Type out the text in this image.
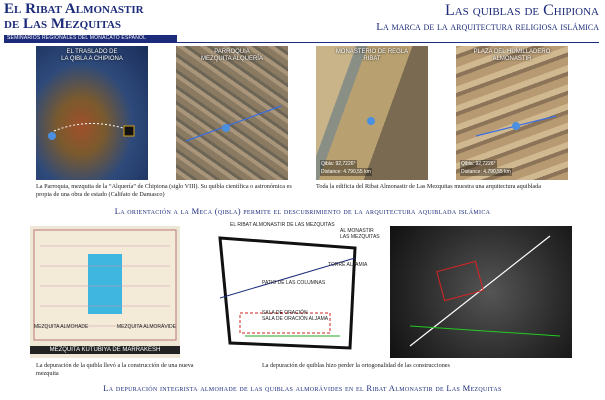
El Ribat Almonastir
de Las Mezquitas
SEMINARIOS REGIONALES DEL MONACATO ESPAÑOL
Las quiblas de Chipiona
La marca de la arquitectura religiosa islámica
EL TRASLADO DE
LA QIBLA A CHIPIONA
PARROQUIA
MEZQUITA ALQUERÍA
MONASTERIO DE REGLA
RIBAT
Qibla: 92,7226°
Distance: 4.790,55 km
PLAZA DEL HUMILLADERO
ALMONASTIR
Qibla: 92,7226°
Distance: 4.790,55 km
La Parroquia, mezquita de la “Alquería” de Chipiona (siglo VIII). Su quibla científica o astronómica es propia de una obra de estado (Califato de Damasco)
Toda la edificia del Ribat Almonastir de Las Mezquitas muestra una arquitectura aquiblada
La orientación a la Meca (qibla) permite el descubrimiento de la arquitectura aquiblada islámica
MEZQUITA ALMOHADE	MEZQUITA ALMORÁVIDE
MEZQUITA KUTUBIYA DE MARRAKESH
EL RIBAT ALMONASTIR DE LAS MEZQUITAS
AL MONASTIR
LAS MEZQUITAS
TORRE ALJAMIA
PATIO DE LAS COLUMNAS
SALA DE ORACIÓN
SALA DE ORACIÓN ALJAMA
La depuración de la quibla llevó a la construcción de una nueva mezquita
La depuración de quiblas hizo perder la ortogonalidad de las construcciones
La depuración integrista almohade de las quiblas almorávides en el Ribat Almonastir de Las Mezquitas
